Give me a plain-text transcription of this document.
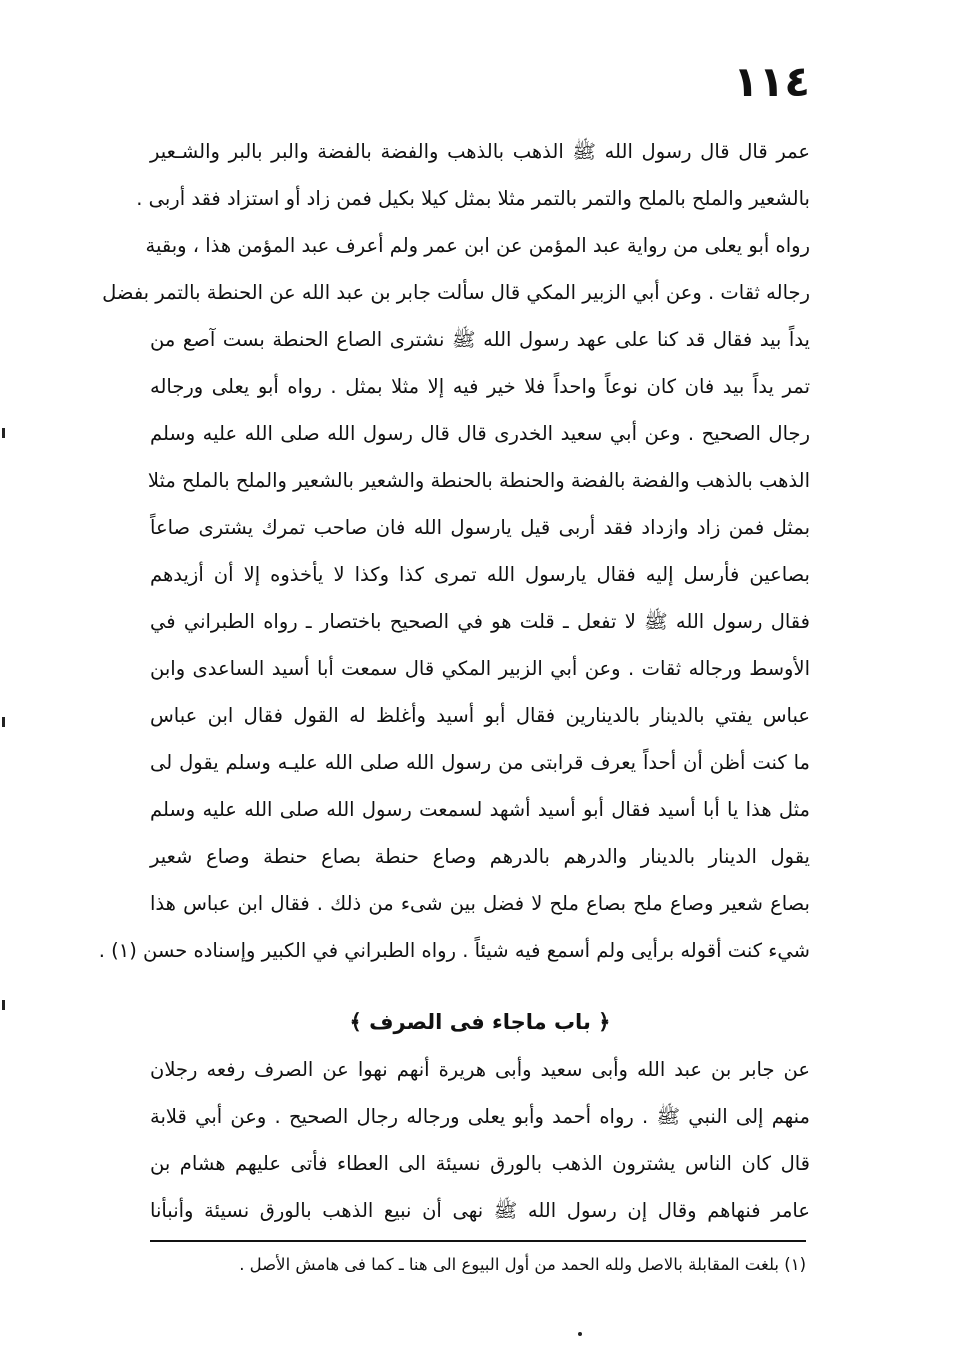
١١٤
عمر قال قال رسول الله ﷺ الذهب بالذهب والفضة بالفضة والبر بالبر والشـعير
بالشعير والملح بالملح والتمر بالتمر مثلا بمثل كيلا بكيل فمن زاد أو استزاد فقد أربى .
رواه أبو يعلى من رواية عبد المؤمن عن ابن عمر ولم أعرف عبد المؤمن هذا ، وبقية
رجاله ثقات . وعن أبي الزبير المكي قال سألت جابر بن عبد الله عن الحنطة بالتمر بفضل
يداً بيد فقال قد كنا على عهد رسول الله ﷺ نشترى الصاع الحنطة بست آصع من
تمر يداً بيد فان كان نوعاً واحداً فلا خير فيه إلا مثلا بمثل . رواه أبو يعلى ورجاله
رجال الصحيح . وعن أبي سعيد الخدرى قال قال رسول الله صلى الله عليه وسلم
الذهب بالذهب والفضة بالفضة والحنطة بالحنطة والشعير بالشعير والملح بالملح مثلا
بمثل فمن زاد وازداد فقد أربى قيل يارسول الله فان صاحب تمرك يشترى صاعاً
بصاعين فأرسل إليه فقال يارسول الله تمرى كذا وكذا لا يأخذوه إلا أن أزيدهم
فقال رسول الله ﷺ لا تفعل ـ قلت هو في الصحيح باختصار ـ رواه الطبراني في
الأوسط ورجاله ثقات . وعن أبي الزبير المكي قال سمعت أبا أسيد الساعدى وابن
عباس يفتي بالدينار بالدينارين فقال أبو أسيد وأغلظ له القول فقال ابن عباس
ما كنت أظن أن أحداً يعرف قرابتى من رسول الله صلى الله عليـه وسلم يقول لى
مثل هذا يا أبا أسيد فقال أبو أسيد أشهد لسمعت رسول الله صلى الله عليه وسلم
يقول الدينار بالدينار والدرهم بالدرهم وصاع حنطة بصاع حنطة وصاع شعير
بصاع شعير وصاع ملح بصاع ملح لا فضل بين شىء من ذلك . فقال ابن عباس هذا
شيء كنت أقوله برأيى ولم أسمع فيه شيئاً . رواه الطبراني في الكبير وإسناده حسن (١) .
﴿ باب ماجاء فى الصرف ﴾
عن جابر بن عبد الله وأبى سعيد وأبى هريرة أنهم نهوا عن الصرف رفعه رجلان
منهم إلى النبي ﷺ . رواه أحمد وأبو يعلى ورجاله رجال الصحيح . وعن أبي قلابة
قال كان الناس يشترون الذهب بالورق نسيئة الى العطاء فأتى عليهم هشام بن
عامر فنهاهم وقال إن رسول الله ﷺ نهى أن نبيع الذهب بالورق نسيئة وأنبأنا
(١) بلغت المقابلة بالاصل ولله الحمد من أول البيوع الى هنا ـ كما فى هامش الأصل .
